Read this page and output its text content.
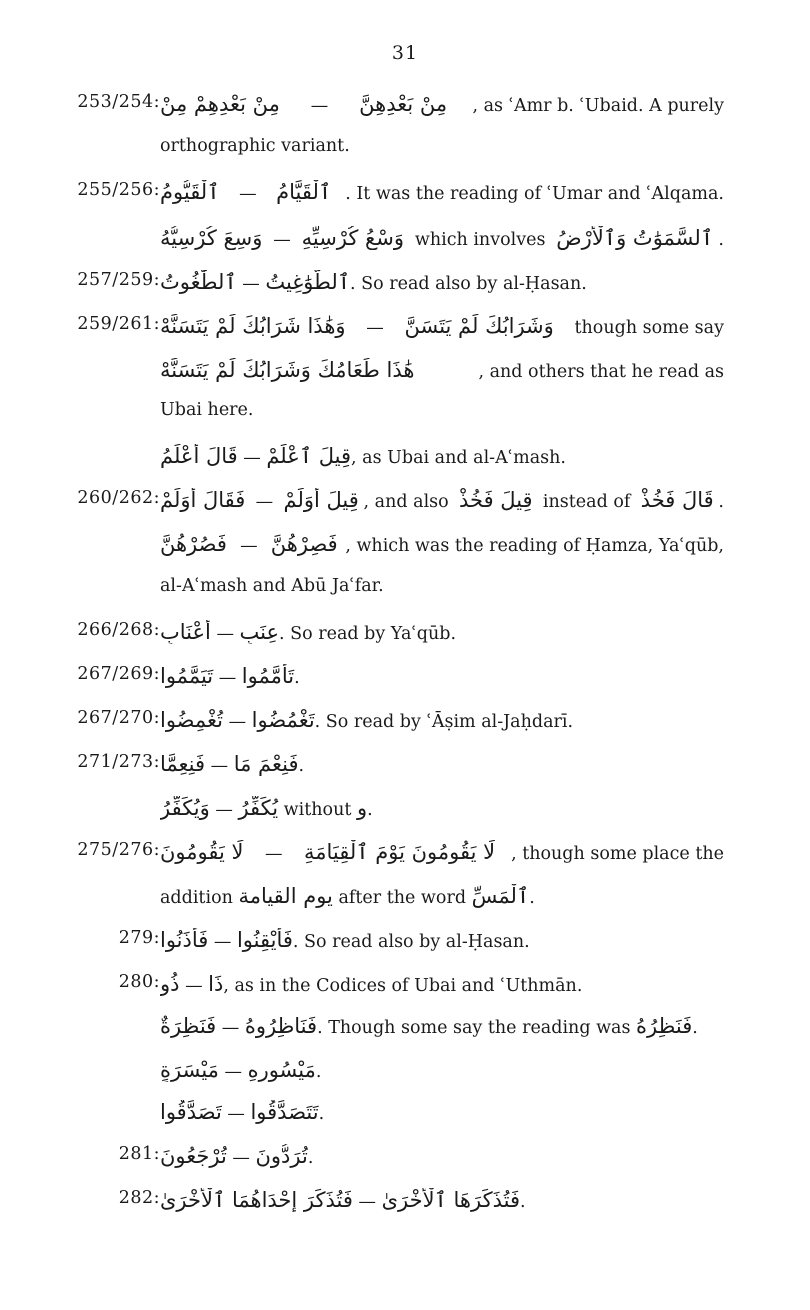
31
253/254: مِنْ بَعْدِهِمْ مِنْ — مِنْ بَعْدِهِنَّ , as ʿAmr b. ʿUbaid. A purely
orthographic variant.
255/256: ٱلْقَيُّومُ — ٱلْقَيَّامُ . It was the reading of ʿUmar and ʿAlqama.
وَسِعَ كُرْسِيُّهُ — وَسْعُ كُرْسِيِّهِ which involves ٱلسَّمَوَٰتُ وَٱلْأَرْضُ .
257/259: ٱلطَّٰغُوتُ — ٱلطَّوَٰغِيتُ. So read also by al-Ḥasan.
259/261: وَهَٰذَا شَرَابُكَ لَمْ يَتَسَنَّهْ — وَشَرَابُكَ لَمْ يَتَسَنَّ though some say
هَٰذَا طَعَامُكَ وَشَرَابُكَ لَمْ يَتَسَنَّهْ	, and others that he read as
Ubai here.
قَالَ أَعْلَمُ — قِيلَ ٱعْلَمْ, as Ubai and al-Aʿmash.
260/262: فَقَالَ أَوَلَمْ — قِيلَ أَوَلَمْ , and also قِيلَ فَخُذْ instead of قَالَ فَخُذْ .
فَصُرْهُنَّ — فَصِرْهُنَّ , which was the reading of Ḥamza, Yaʿqūb,
al-Aʿmash and Abū Jaʿfar.
266/268: أَعْنَابٍ — عِنَبٍ. So read by Yaʿqūb.
267/269: تَيَمَّمُوا — تَأَمَّمُوا.
267/270: تُغْمِضُوا — تَغْمُضُوا. So read by ʿĀṣim al-Jaḥdarī.
271/273: فَنِعِمَّا — فَنِعْمَ مَا.
وَيُكَفِّرُ — يُكَفِّرُ without و.
275/276: لَا يَقُومُونَ — لَا يَقُومُونَ يَوْمَ ٱلْقِيَامَةِ , though some place the
addition يوم القيامة after the word ٱلْمَسِّ.
279: فَأْذَنُوا — فَأَيْقِنُوا. So read also by al-Ḥasan.
280: ذُو — ذَا, as in the Codices of Ubai and ʿUthmān.
فَنَظِرَةٌ — فَنَاظِرُوهُ. Though some say the reading was فَنَظِرُهُ.
مَيْسَرَةٍ — مَيْسُورِهِ.
تَصَدَّقُوا — تَتَصَدَّقُوا.
281: تُرْجَعُونَ — تُرَدُّونَ.
282: فَتُذَكِّرَ إِحْدَاهُمَا ٱلْأُخْرَىٰ — فَتُذَكِّرَهَا ٱلْأُخْرَىٰ.
